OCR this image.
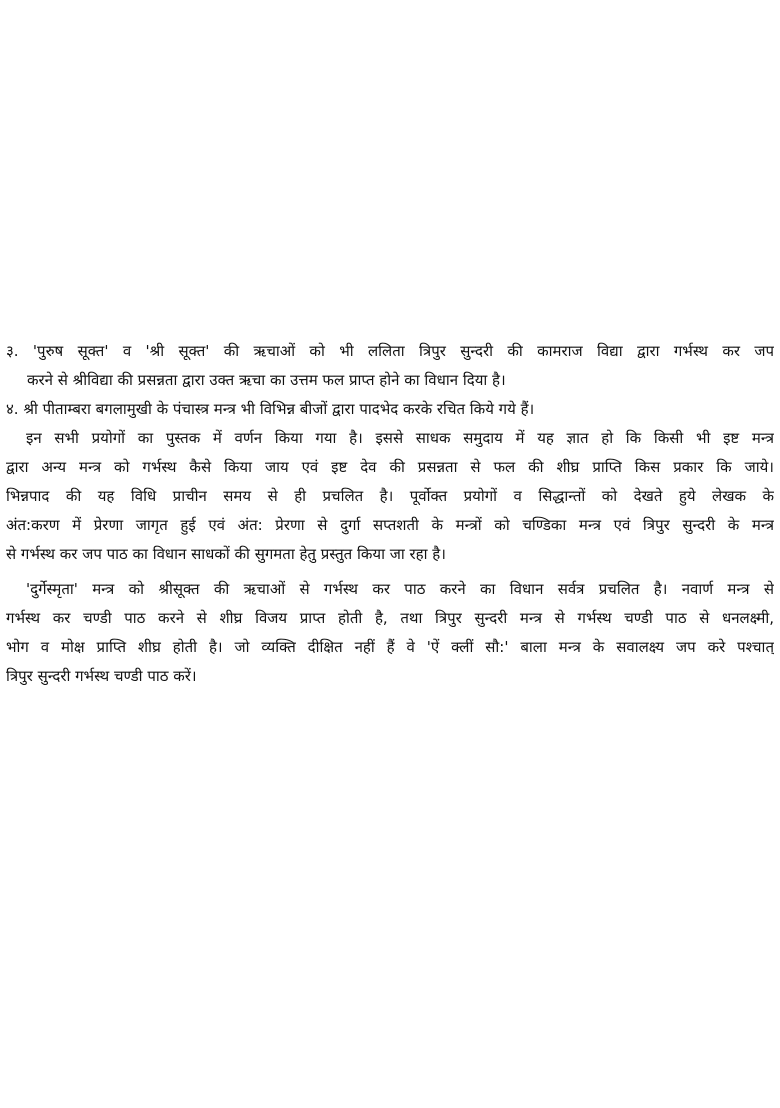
३. 'पुरुष सूक्त' व 'श्री सूक्त' की ऋचाओं को भी ललिता त्रिपुर सुन्दरी की कामराज विद्या द्वारा गर्भस्थ कर जप
करने से श्रीविद्या की प्रसन्नता द्वारा उक्त ऋचा का उत्तम फल प्राप्त होने का विधान दिया है।
४. श्री पीताम्बरा बगलामुखी के पंचास्त्र मन्त्र भी विभिन्न बीजों द्वारा पादभेद करके रचित किये गये हैं।
इन सभी प्रयोगों का पुस्तक में वर्णन किया गया है। इससे साधक समुदाय में यह ज्ञात हो कि किसी भी इष्ट मन्त्र
द्वारा अन्य मन्त्र को गर्भस्थ कैसे किया जाय एवं इष्ट देव की प्रसन्नता से फल की शीघ्र प्राप्ति किस प्रकार कि जाये।
भिन्नपाद की यह विधि प्राचीन समय से ही प्रचलित है। पूर्वोक्त प्रयोगों व सिद्धान्तों को देखते हुये लेखक के
अंत:करण में प्रेरणा जागृत हुई एवं अंत: प्रेरणा से दुर्गा सप्तशती के मन्त्रों को चण्डिका मन्त्र एवं त्रिपुर सुन्दरी के मन्त्र
से गर्भस्थ कर जप पाठ का विधान साधकों की सुगमता हेतु प्रस्तुत किया जा रहा है।
'दुर्गेस्मृता' मन्त्र को श्रीसूक्त की ऋचाओं से गर्भस्थ कर पाठ करने का विधान सर्वत्र प्रचलित है। नवार्ण मन्त्र से
गर्भस्थ कर चण्डी पाठ करने से शीघ्र विजय प्राप्त होती है, तथा त्रिपुर सुन्दरी मन्त्र से गर्भस्थ चण्डी पाठ से धनलक्ष्मी,
भोग व मोक्ष प्राप्ति शीघ्र होती है। जो व्यक्ति दीक्षित नहीं हैं वे 'ऐं क्लीं सौ:' बाला मन्त्र के सवालक्ष्य जप करे पश्चात्
त्रिपुर सुन्दरी गर्भस्थ चण्डी पाठ करें।
